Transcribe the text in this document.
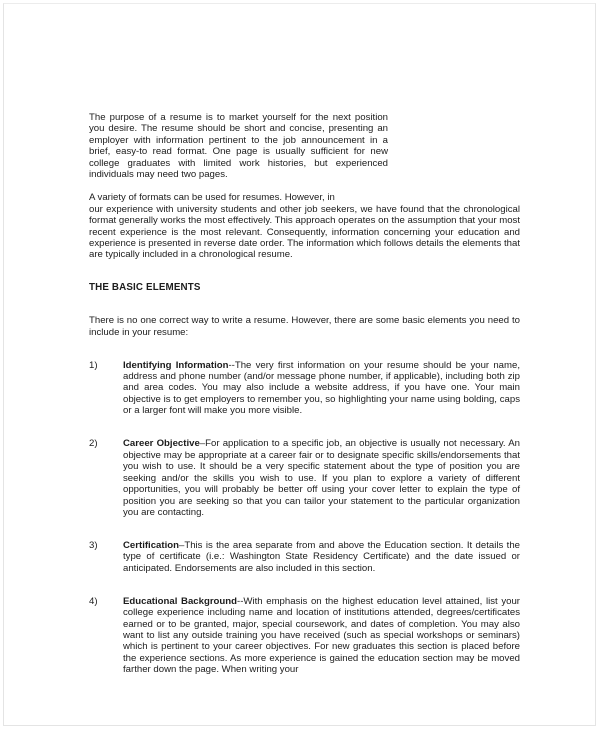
The purpose of a resume is to market yourself for the next position you desire. The resume should be short and concise, presenting an employer with information pertinent to the job announcement in a brief, easy-to read format. One page is usually sufficient for new college graduates with limited work histories, but experienced individuals may need two pages.

A variety of formats can be used for resumes. However, in

our experience with university students and other job seekers, we have found that the chronological format generally works the most effectively. This approach operates on the assumption that your most recent experience is the most relevant. Consequently, information concerning your education and experience is presented in reverse date order. The information which follows details the elements that are typically included in a chronological resume.

THE BASIC ELEMENTS

There is no one correct way to write a resume. However, there are some basic elements you need to include in your resume:

1)	Identifying Information--The very first information on your resume should be your name, address and phone number (and/or message phone number, if applicable), including both zip and area codes. You may also include a website address, if you have one. Your main objective is to get employers to remember you, so highlighting your name using bolding, caps or a larger font will make you more visible.
2)	Career Objective–For application to a specific job, an objective is usually not necessary. An objective may be appropriate at a career fair or to designate specific skills/endorsements that you wish to use. It should be a very specific statement about the type of position you are seeking and/or the skills you wish to use. If you plan to explore a variety of different opportunities, you will probably be better off using your cover letter to explain the type of position you are seeking so that you can tailor your statement to the particular organization you are contacting.
3)	Certification–This is the area separate from and above the Education section. It details the type of certificate (i.e.: Washington State Residency Certificate) and the date issued or anticipated. Endorsements are also included in this section.
4)	Educational Background--With emphasis on the highest education level attained, list your college experience including name and location of institutions attended, degrees/certificates earned or to be granted, major, special coursework, and dates of completion. You may also want to list any outside training you have received (such as special workshops or seminars) which is pertinent to your career objectives. For new graduates this section is placed before the experience sections. As more experience is gained the education section may be moved farther down the page. When writing your
